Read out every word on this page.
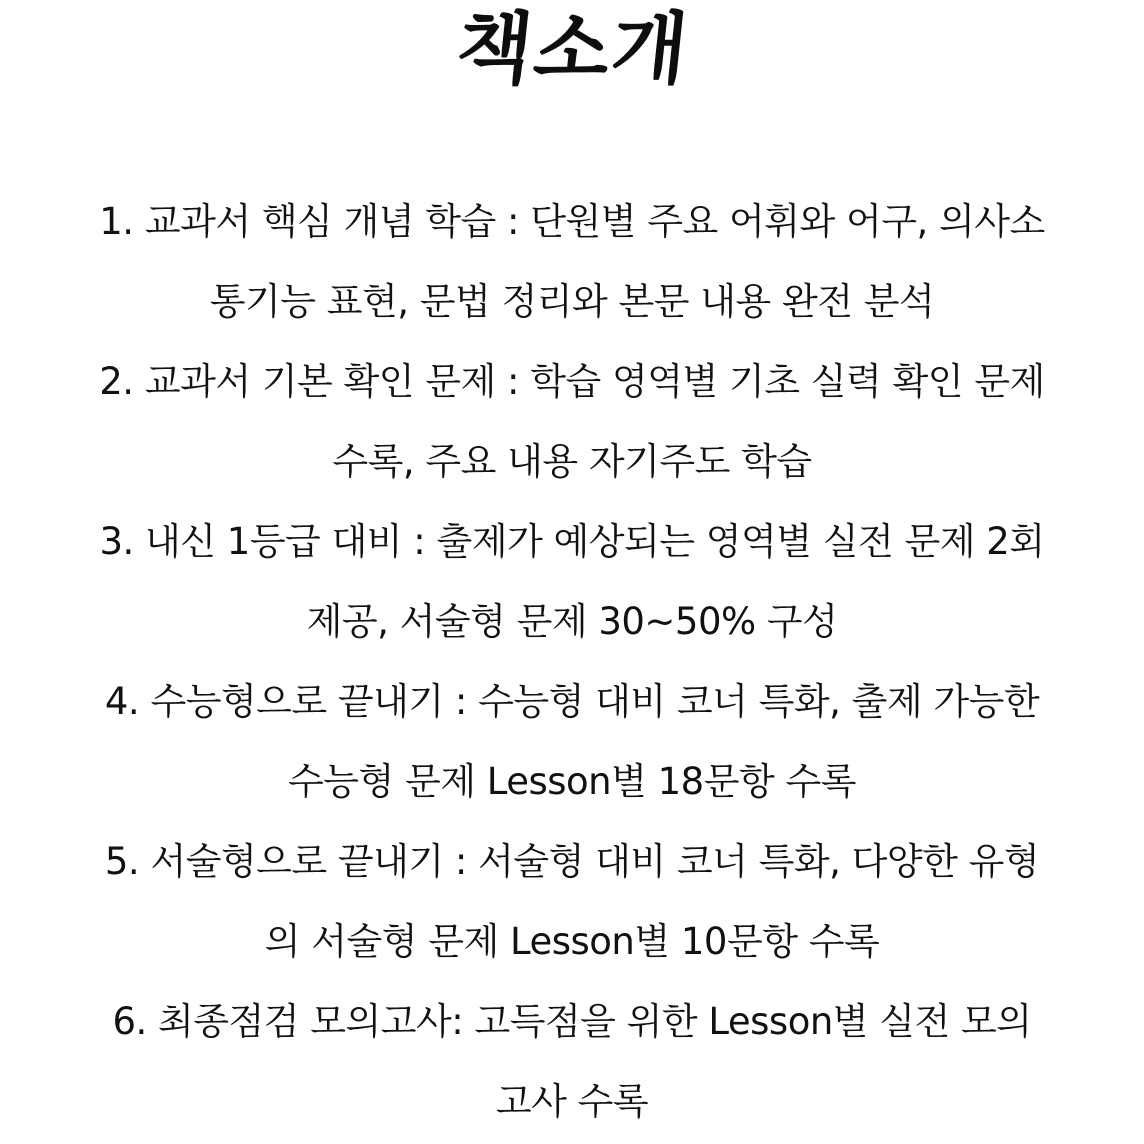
책소개
1. 교과서 핵심 개념 학습 : 단원별 주요 어휘와 어구, 의사소
통기능 표현, 문법 정리와 본문 내용 완전 분석
2. 교과서 기본 확인 문제 : 학습 영역별 기초 실력 확인 문제
수록, 주요 내용 자기주도 학습
3. 내신 1등급 대비 : 출제가 예상되는 영역별 실전 문제 2회
제공, 서술형 문제 30~50% 구성
4. 수능형으로 끝내기 : 수능형 대비 코너 특화, 출제 가능한
수능형 문제 Lesson별 18문항 수록
5. 서술형으로 끝내기 : 서술형 대비 코너 특화, 다양한 유형
의 서술형 문제 Lesson별 10문항 수록
6. 최종점검 모의고사: 고득점을 위한 Lesson별 실전 모의
고사 수록
